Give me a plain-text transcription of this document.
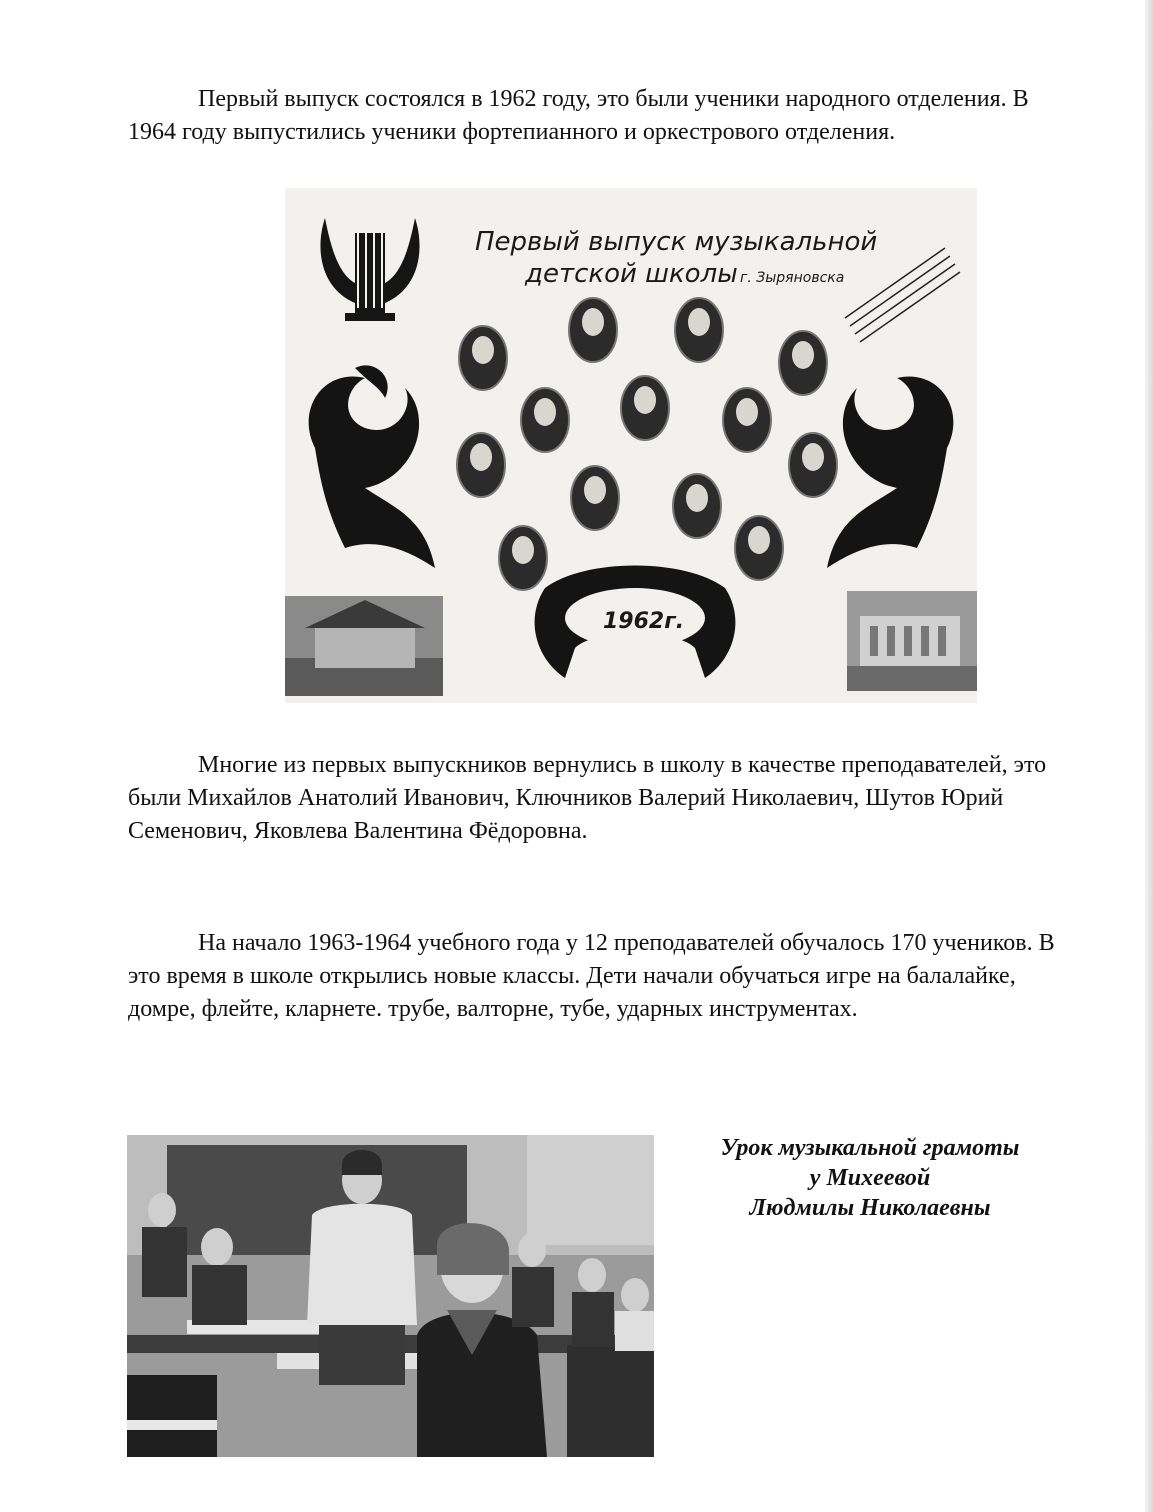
Первый выпуск состоялся в 1962 году, это были ученики народного отделения. В 1964 году выпустились ученики фортепианного и оркестрового отделения.

Первый выпуск музыкальной
детской школы г. Зыряновска
1962г.

Многие из первых выпускников вернулись в школу в качестве преподавателей, это были Михайлов Анатолий Иванович, Ключников Валерий Николаевич, Шутов Юрий Семенович, Яковлева Валентина Фёдоровна.

На начало 1963-1964 учебного года у 12 преподавателей обучалось 170 учеников. В это время в школе открылись новые классы. Дети начали обучаться игре на балалайке, домре, флейте, кларнете. трубе, валторне, тубе, ударных инструментах.

Урок музыкальной грамоты
у Михеевой
Людмилы Николаевны
